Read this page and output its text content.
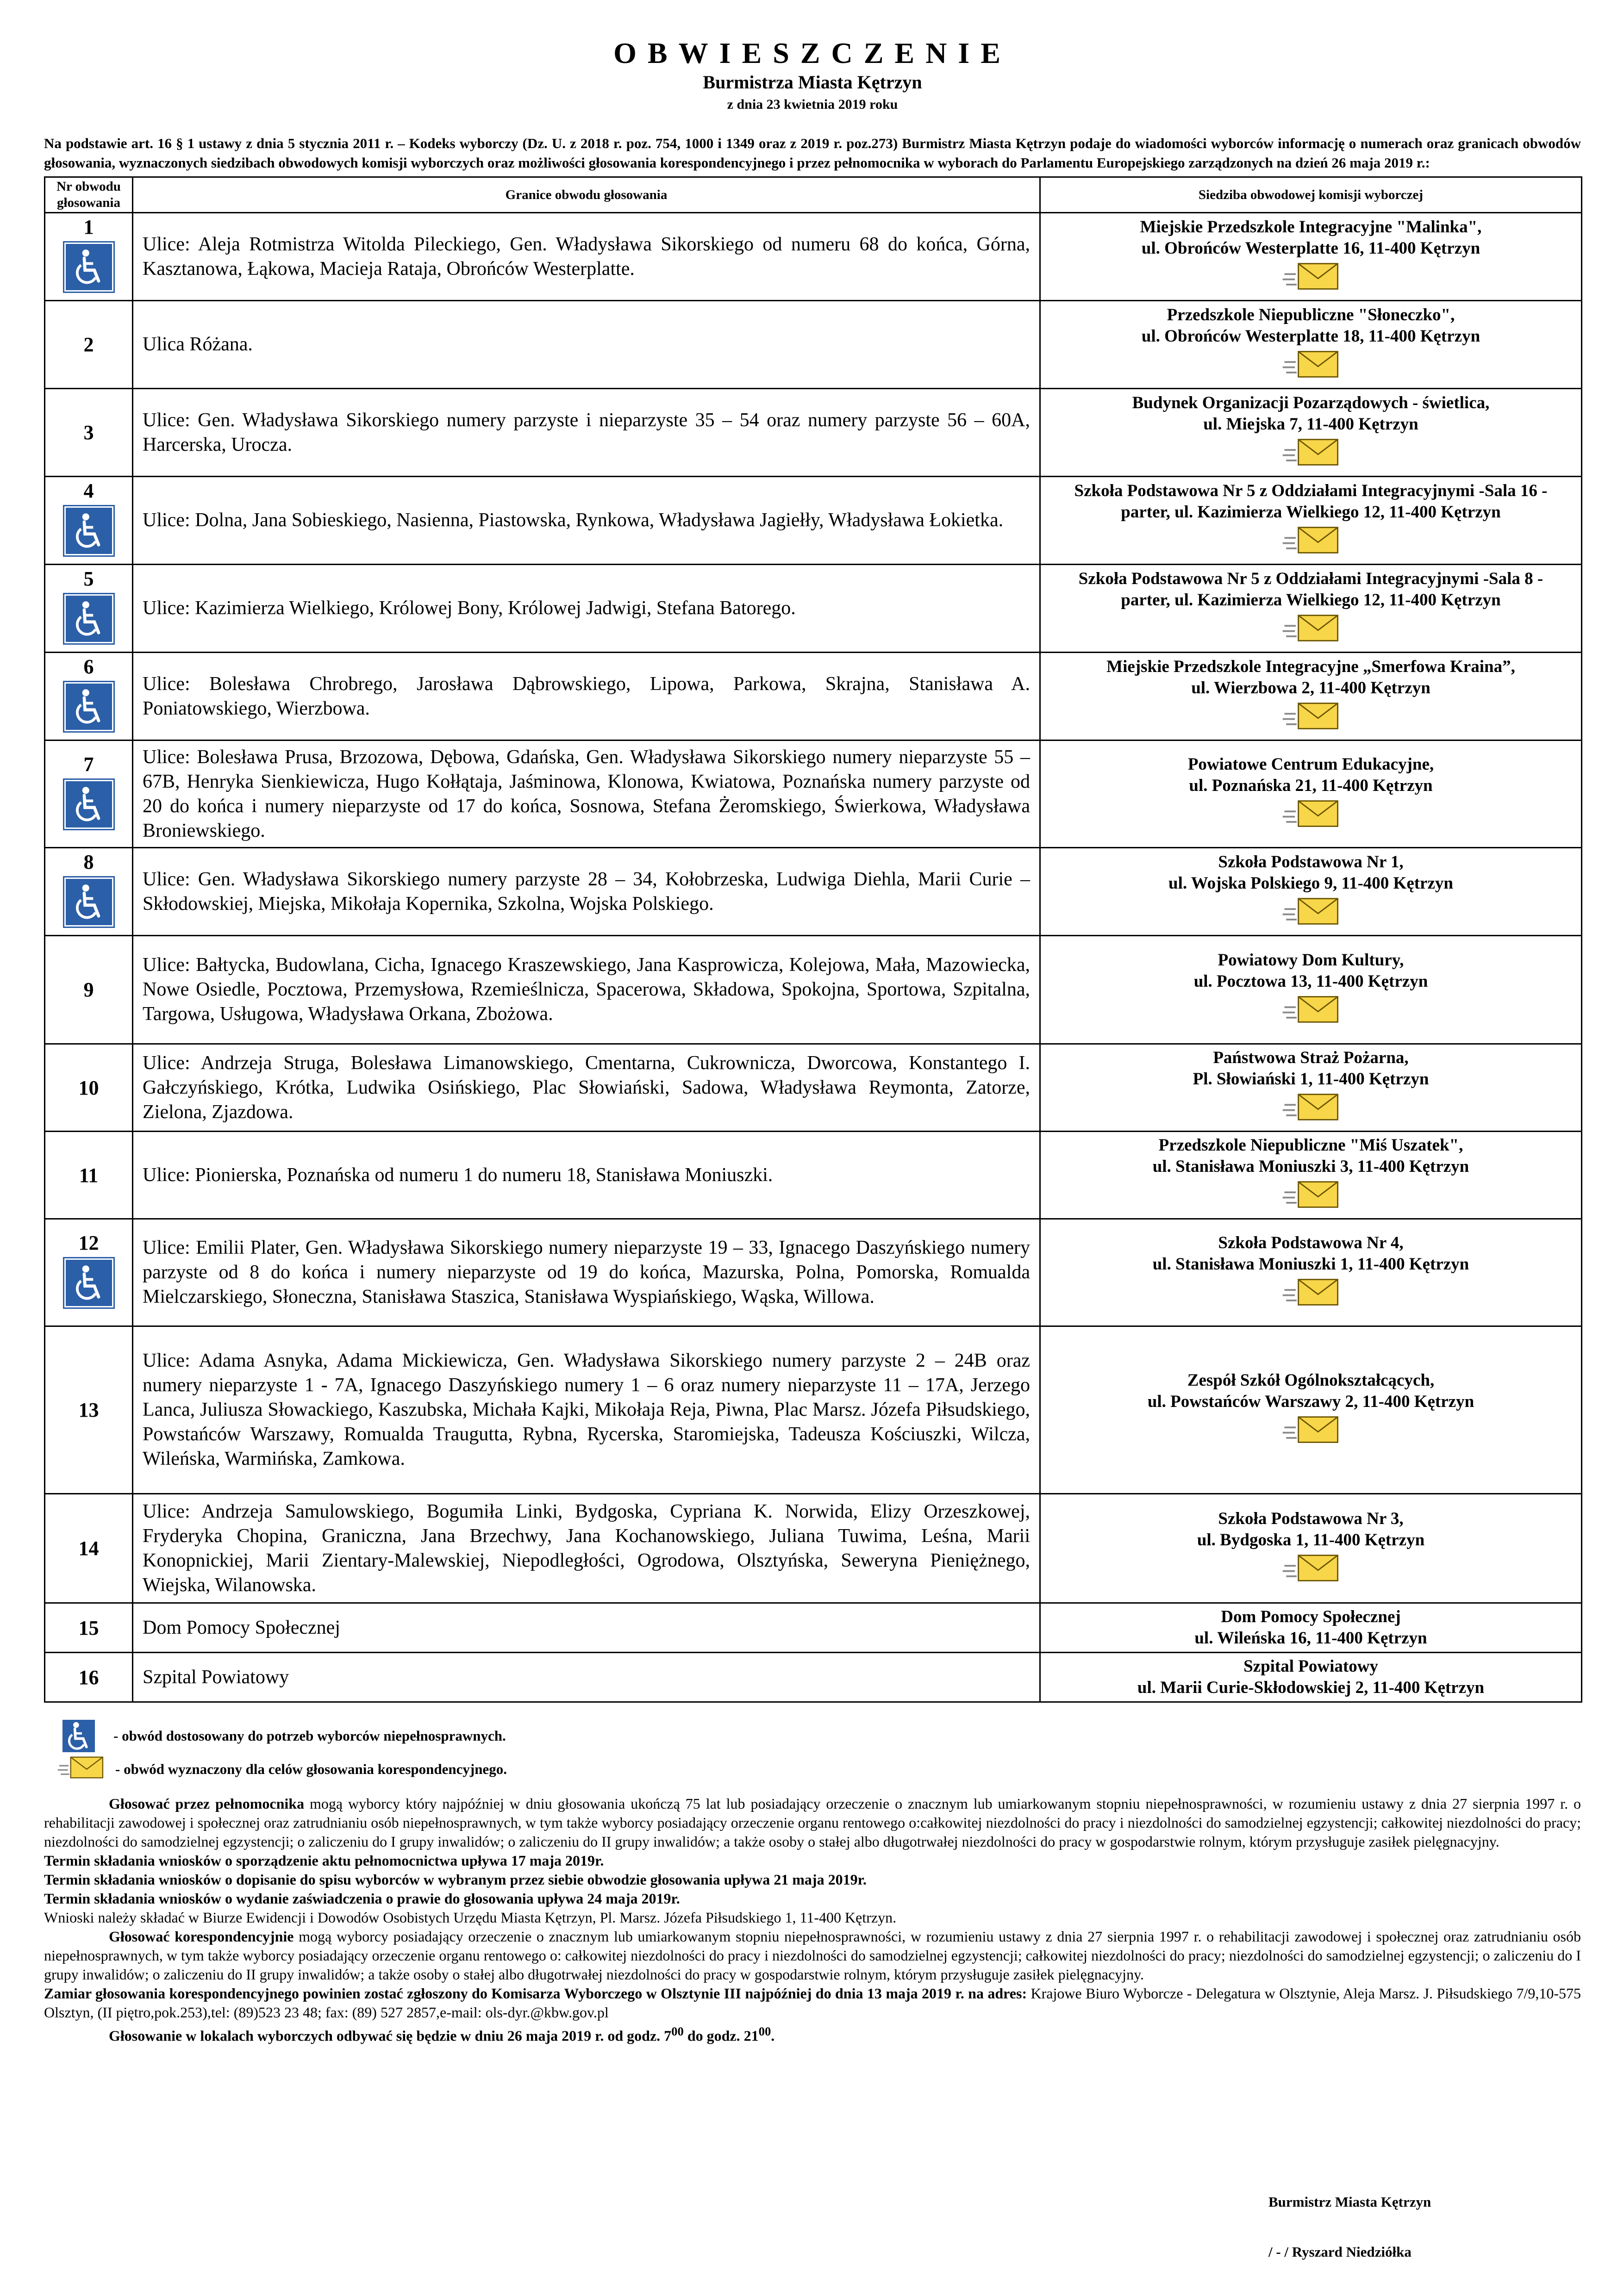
OBWIESZCZENIE
Burmistrza Miasta Kętrzyn
z dnia 23 kwietnia 2019 roku

Na podstawie art. 16 § 1 ustawy z dnia 5 stycznia 2011 r. – Kodeks wyborczy (Dz. U. z 2018 r. poz. 754, 1000 i 1349 oraz z 2019 r. poz.273) Burmistrz Miasta Kętrzyn podaje do wiadomości wyborców informację o numerach oraz granicach obwodów głosowania, wyznaczonych siedzibach obwodowych komisji wyborczych oraz możliwości głosowania korespondencyjnego i przez pełnomocnika w wyborach do Parlamentu Europejskiego zarządzonych na dzień 26 maja 2019 r.:

Nr obwodu głosowania	Granice obwodu głosowania	Siedziba obwodowej komisji wyborczej

1	Ulice: Aleja Rotmistrza Witolda Pileckiego, Gen. Władysława Sikorskiego od numeru 68 do końca, Górna, Kasztanowa, Łąkowa, Macieja Rataja, Obrońców Westerplatte.	Miejskie Przedszkole Integracyjne "Malinka",
ul. Obrońców Westerplatte 16, 11-400 Kętrzyn

2	Ulica Różana.	Przedszkole Niepubliczne "Słoneczko",
ul. Obrońców Westerplatte 18, 11-400 Kętrzyn

3	Ulice: Gen. Władysława Sikorskiego numery parzyste i nieparzyste 35 – 54 oraz numery parzyste 56 – 60A, Harcerska, Urocza.	Budynek Organizacji Pozarządowych - świetlica,
ul. Miejska 7, 11-400 Kętrzyn

4	Ulice: Dolna, Jana Sobieskiego, Nasienna, Piastowska, Rynkowa, Władysława Jagiełły, Władysława Łokietka.	Szkoła Podstawowa Nr 5 z Oddziałami Integracyjnymi -Sala 16 -
parter, ul. Kazimierza Wielkiego 12, 11-400 Kętrzyn

5	Ulice: Kazimierza Wielkiego, Królowej Bony, Królowej Jadwigi, Stefana Batorego.	Szkoła Podstawowa Nr 5 z Oddziałami Integracyjnymi -Sala 8 -
parter, ul. Kazimierza Wielkiego 12, 11-400 Kętrzyn

6	Ulice: Bolesława Chrobrego, Jarosława Dąbrowskiego, Lipowa, Parkowa, Skrajna, Stanisława A. Poniatowskiego, Wierzbowa.	Miejskie Przedszkole Integracyjne „Smerfowa Kraina”,
ul. Wierzbowa 2, 11-400 Kętrzyn

7	Ulice: Bolesława Prusa, Brzozowa, Dębowa, Gdańska, Gen. Władysława Sikorskiego numery nieparzyste 55 – 67B, Henryka Sienkiewicza, Hugo Kołłątaja, Jaśminowa, Klonowa, Kwiatowa, Poznańska numery parzyste od 20 do końca i numery nieparzyste od 17 do końca, Sosnowa, Stefana Żeromskiego, Świerkowa, Władysława Broniewskiego.	Powiatowe Centrum Edukacyjne,
ul. Poznańska 21, 11-400 Kętrzyn

8	Ulice: Gen. Władysława Sikorskiego numery parzyste 28 – 34, Kołobrzeska, Ludwiga Diehla, Marii Curie – Skłodowskiej, Miejska, Mikołaja Kopernika, Szkolna, Wojska Polskiego.	Szkoła Podstawowa Nr 1,
ul. Wojska Polskiego 9, 11-400 Kętrzyn

9	Ulice: Bałtycka, Budowlana, Cicha, Ignacego Kraszewskiego, Jana Kasprowicza, Kolejowa, Mała, Mazowiecka, Nowe Osiedle, Pocztowa, Przemysłowa, Rzemieślnicza, Spacerowa, Składowa, Spokojna, Sportowa, Szpitalna, Targowa, Usługowa, Władysława Orkana, Zbożowa.	Powiatowy Dom Kultury,
ul. Pocztowa 13, 11-400 Kętrzyn

10	Ulice: Andrzeja Struga, Bolesława Limanowskiego, Cmentarna, Cukrownicza, Dworcowa, Konstantego I. Gałczyńskiego, Krótka, Ludwika Osińskiego, Plac Słowiański, Sadowa, Władysława Reymonta, Zatorze, Zielona, Zjazdowa.	Państwowa Straż Pożarna,
Pl. Słowiański 1, 11-400 Kętrzyn

11	Ulice: Pionierska, Poznańska od numeru 1 do numeru 18, Stanisława Moniuszki.	Przedszkole Niepubliczne "Miś Uszatek",
ul. Stanisława Moniuszki 3, 11-400 Kętrzyn

12	Ulice: Emilii Plater, Gen. Władysława Sikorskiego numery nieparzyste 19 – 33, Ignacego Daszyńskiego numery parzyste od 8 do końca i numery nieparzyste od 19 do końca, Mazurska, Polna, Pomorska, Romualda Mielczarskiego, Słoneczna, Stanisława Staszica, Stanisława Wyspiańskiego, Wąska, Willowa.	Szkoła Podstawowa Nr 4,
ul. Stanisława Moniuszki 1, 11-400 Kętrzyn

13	Ulice: Adama Asnyka, Adama Mickiewicza, Gen. Władysława Sikorskiego numery parzyste 2 – 24B oraz numery nieparzyste 1 - 7A, Ignacego Daszyńskiego numery 1 – 6 oraz numery nieparzyste 11 – 17A, Jerzego Lanca, Juliusza Słowackiego, Kaszubska, Michała Kajki, Mikołaja Reja, Piwna, Plac Marsz. Józefa Piłsudskiego, Powstańców Warszawy, Romualda Traugutta, Rybna, Rycerska, Staromiejska, Tadeusza Kościuszki, Wilcza, Wileńska, Warmińska, Zamkowa.	Zespół Szkół Ogólnokształcących,
ul. Powstańców Warszawy 2, 11-400 Kętrzyn

14	Ulice: Andrzeja Samulowskiego, Bogumiła Linki, Bydgoska, Cypriana K. Norwida, Elizy Orzeszkowej, Fryderyka Chopina, Graniczna, Jana Brzechwy, Jana Kochanowskiego, Juliana Tuwima, Leśna, Marii Konopnickiej, Marii Zientary-Malewskiej, Niepodległości, Ogrodowa, Olsztyńska, Seweryna Pieniężnego, Wiejska, Wilanowska.	Szkoła Podstawowa Nr 3,
ul. Bydgoska 1, 11-400 Kętrzyn

15	Dom Pomocy Społecznej	Dom Pomocy Społecznej
ul. Wileńska 16, 11-400 Kętrzyn

16	Szpital Powiatowy	Szpital Powiatowy
ul. Marii Curie-Skłodowskiej 2, 11-400 Kętrzyn
- obwód dostosowany do potrzeb wyborców niepełnosprawnych.
- obwód wyznaczony dla celów głosowania korespondencyjnego.

Głosować przez pełnomocnika mogą wyborcy który najpóźniej w dniu głosowania ukończą 75 lat lub posiadający orzeczenie o znacznym lub umiarkowanym stopniu niepełnosprawności, w rozumieniu ustawy z dnia 27 sierpnia 1997 r. o rehabilitacji zawodowej i społecznej oraz zatrudnianiu osób niepełnosprawnych, w tym także wyborcy posiadający orzeczenie organu rentowego o:całkowitej niezdolności do pracy i niezdolności do samodzielnej egzystencji; całkowitej niezdolności do pracy; niezdolności do samodzielnej egzystencji; o zaliczeniu do I grupy inwalidów; o zaliczeniu do II grupy inwalidów; a także osoby o stałej albo długotrwałej niezdolności do pracy w gospodarstwie rolnym, którym przysługuje zasiłek pielęgnacyjny.

Termin składania wniosków o sporządzenie aktu pełnomocnictwa upływa 17 maja 2019r.

Termin składania wniosków o dopisanie do spisu wyborców w wybranym przez siebie obwodzie głosowania upływa 21 maja 2019r.

Termin składania wniosków o wydanie zaświadczenia o prawie do głosowania upływa 24 maja 2019r.

Wnioski należy składać w Biurze Ewidencji i Dowodów Osobistych Urzędu Miasta Kętrzyn, Pl. Marsz. Józefa Piłsudskiego 1, 11-400 Kętrzyn.

Głosować korespondencyjnie mogą wyborcy posiadający orzeczenie o znacznym lub umiarkowanym stopniu niepełnosprawności, w rozumieniu ustawy z dnia 27 sierpnia 1997 r. o rehabilitacji zawodowej i społecznej oraz zatrudnianiu osób niepełnosprawnych, w tym także wyborcy posiadający orzeczenie organu rentowego o: całkowitej niezdolności do pracy i niezdolności do samodzielnej egzystencji; całkowitej niezdolności do pracy; niezdolności do samodzielnej egzystencji; o zaliczeniu do I grupy inwalidów; o zaliczeniu do II grupy inwalidów; a także osoby o stałej albo długotrwałej niezdolności do pracy w gospodarstwie rolnym, którym przysługuje zasiłek pielęgnacyjny.

Zamiar głosowania korespondencyjnego powinien zostać zgłoszony do Komisarza Wyborczego w Olsztynie III najpóźniej do dnia 13 maja 2019 r. na adres: Krajowe Biuro Wyborcze - Delegatura w Olsztynie, Aleja Marsz. J. Piłsudskiego 7/9,10-575 Olsztyn, (II piętro,pok.253),tel: (89)523 23 48; fax: (89) 527 2857,e-mail: ols-dyr.@kbw.gov.pl

Głosowanie w lokalach wyborczych odbywać się będzie w dniu 26 maja 2019 r. od godz. $7^{00}$ do godz. $21^{00}$.

Burmistrz Miasta Kętrzyn
/ - / Ryszard Niedziółka
